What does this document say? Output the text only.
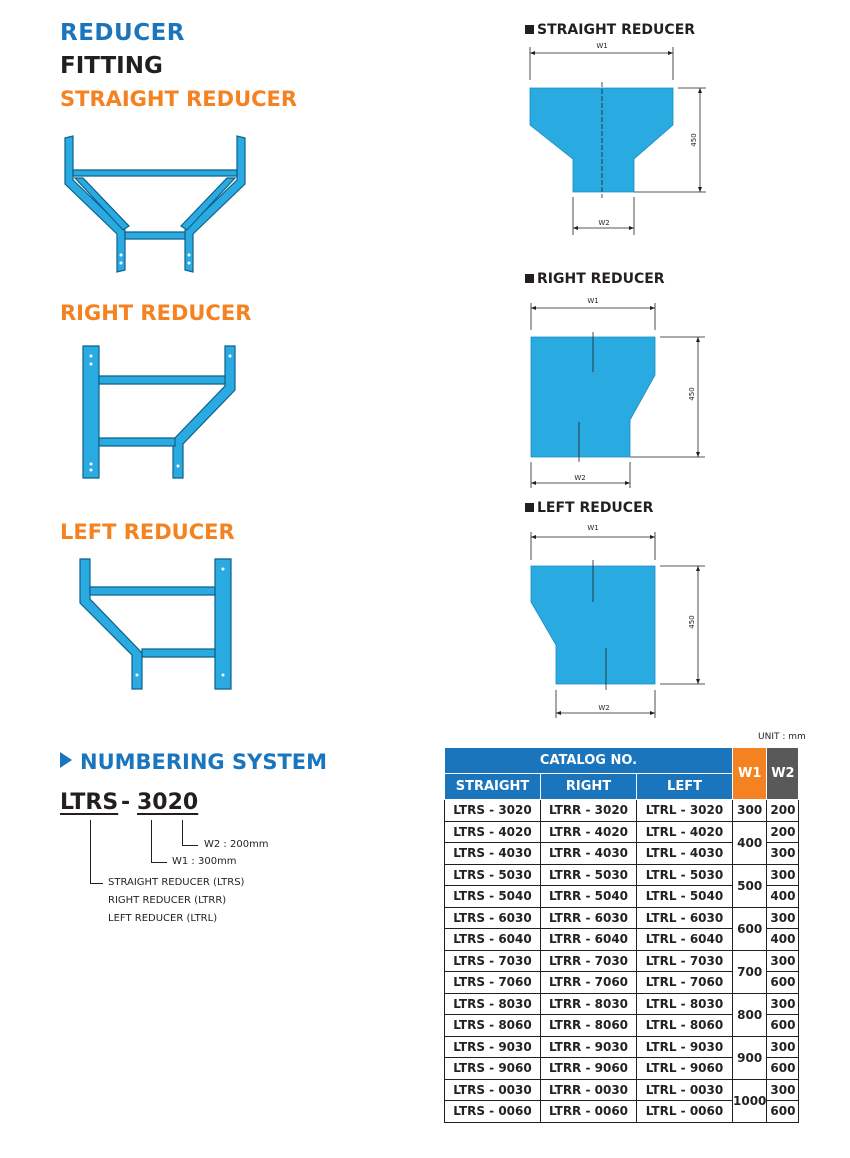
REDUCER
FITTING
STRAIGHT REDUCER
RIGHT REDUCER
LEFT REDUCER
STRAIGHT REDUCER
RIGHT REDUCER
LEFT REDUCER
W1
W2
450
W1
W2
450
W1
W2
450
NUMBERING SYSTEM
LTRS - 3020
W2 : 200mm
W1 : 300mm
STRAIGHT REDUCER (LTRS)
RIGHT REDUCER (LTRR)
LEFT REDUCER (LTRL)
UNIT : mm
CATALOG NO.			W1	W2
STRAIGHT	RIGHT	LEFT		
LTRS - 3020	LTRR - 3020	LTRL - 3020	300	200
LTRS - 4020	LTRR - 4020	LTRL - 4020	400	200
LTRS - 4030	LTRR - 4030	LTRL - 4030		300
LTRS - 5030	LTRR - 5030	LTRL - 5030	500	300
LTRS - 5040	LTRR - 5040	LTRL - 5040		400
LTRS - 6030	LTRR - 6030	LTRL - 6030	600	300
LTRS - 6040	LTRR - 6040	LTRL - 6040		400
LTRS - 7030	LTRR - 7030	LTRL - 7030	700	300
LTRS - 7060	LTRR - 7060	LTRL - 7060		600
LTRS - 8030	LTRR - 8030	LTRL - 8030	800	300
LTRS - 8060	LTRR - 8060	LTRL - 8060		600
LTRS - 9030	LTRR - 9030	LTRL - 9030	900	300
LTRS - 9060	LTRR - 9060	LTRL - 9060		600
LTRS - 0030	LTRR - 0030	LTRL - 0030	1000	300
LTRS - 0060	LTRR - 0060	LTRL - 0060		600
